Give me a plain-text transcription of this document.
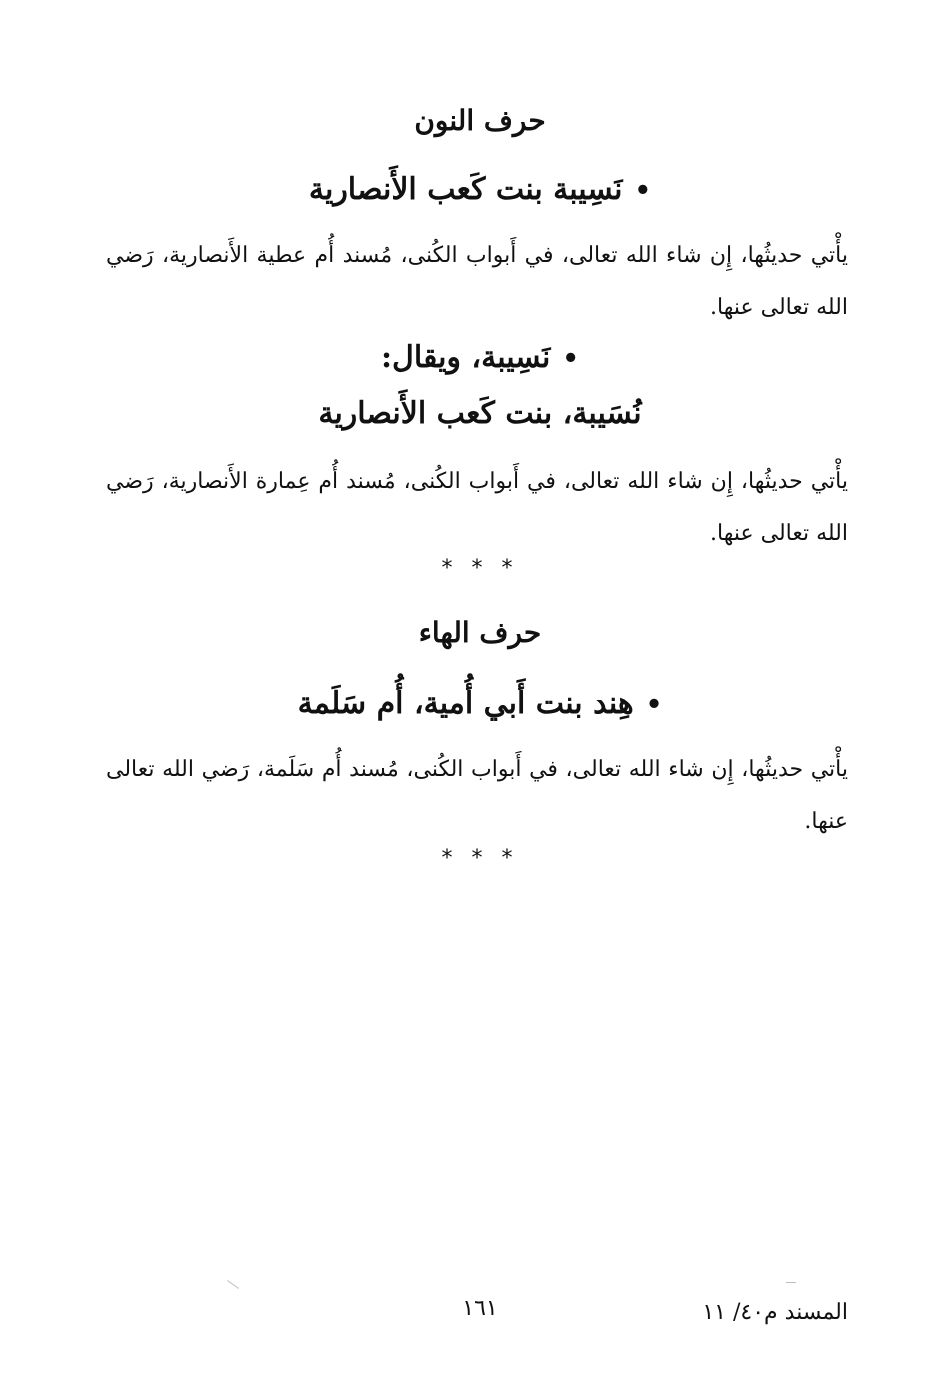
حرف النون
•نَسِيبة بنت كَعب الأَنصارية
يأْتي حديثُها، إِن شاء الله تعالى، في أَبواب الكُنى، مُسند أُم عطية الأَنصارية، رَضي الله تعالى عنها.
•نَسِيبة، ويقال:
نُسَيبة، بنت كَعب الأَنصارية
يأْتي حديثُها، إِن شاء الله تعالى، في أَبواب الكُنى، مُسند أُم عِمارة الأَنصارية، رَضي الله تعالى عنها.
* * *
حرف الهاء
•هِند بنت أَبي أُمية، أُم سَلَمة
يأْتي حديثُها، إِن شاء الله تعالى، في أَبواب الكُنى، مُسند أُم سَلَمة، رَضي الله تعالى عنها.
* * *
١٦١	المسند م٤٠/ ١١
